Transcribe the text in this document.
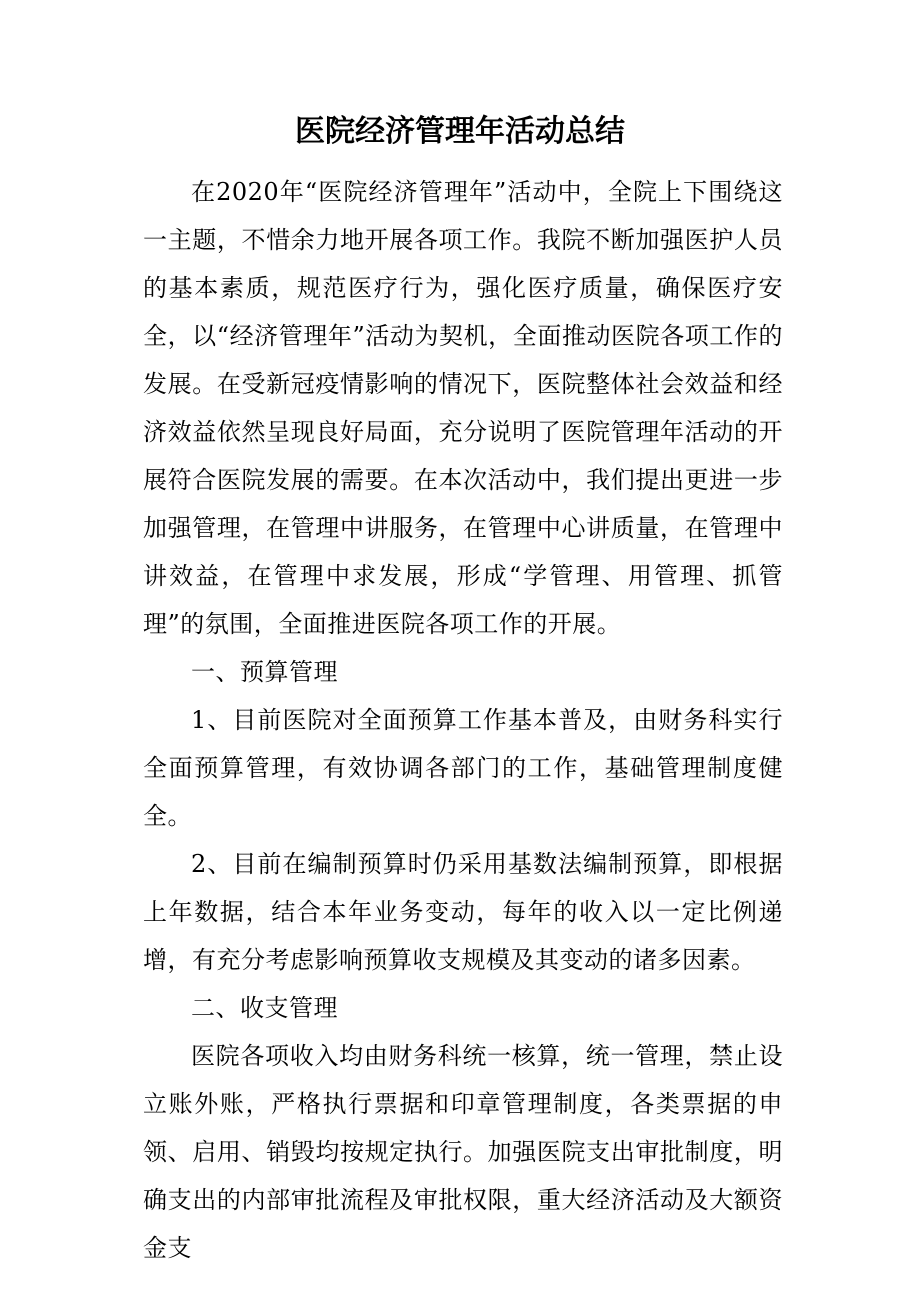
医院经济管理年活动总结

在2020年“医院经济管理年”活动中，全院上下围绕这一主题，不惜余力地开展各项工作。我院不断加强医护人员的基本素质，规范医疗行为，强化医疗质量，确保医疗安全，以“经济管理年”活动为契机，全面推动医院各项工作的发展。在受新冠疫情影响的情况下，医院整体社会效益和经济效益依然呈现良好局面，充分说明了医院管理年活动的开展符合医院发展的需要。在本次活动中，我们提出更进一步加强管理，在管理中讲服务，在管理中心讲质量，在管理中讲效益，在管理中求发展，形成“学管理、用管理、抓管理”的氛围，全面推进医院各项工作的开展。

一、预算管理

1、目前医院对全面预算工作基本普及，由财务科实行全面预算管理，有效协调各部门的工作，基础管理制度健全。

2、目前在编制预算时仍采用基数法编制预算，即根据上年数据，结合本年业务变动，每年的收入以一定比例递增，有充分考虑影响预算收支规模及其变动的诸多因素。

二、收支管理

医院各项收入均由财务科统一核算，统一管理，禁止设立账外账，严格执行票据和印章管理制度，各类票据的申领、启用、销毁均按规定执行。加强医院支出审批制度，明确支出的内部审批流程及审批权限，重大经济活动及大额资金支
